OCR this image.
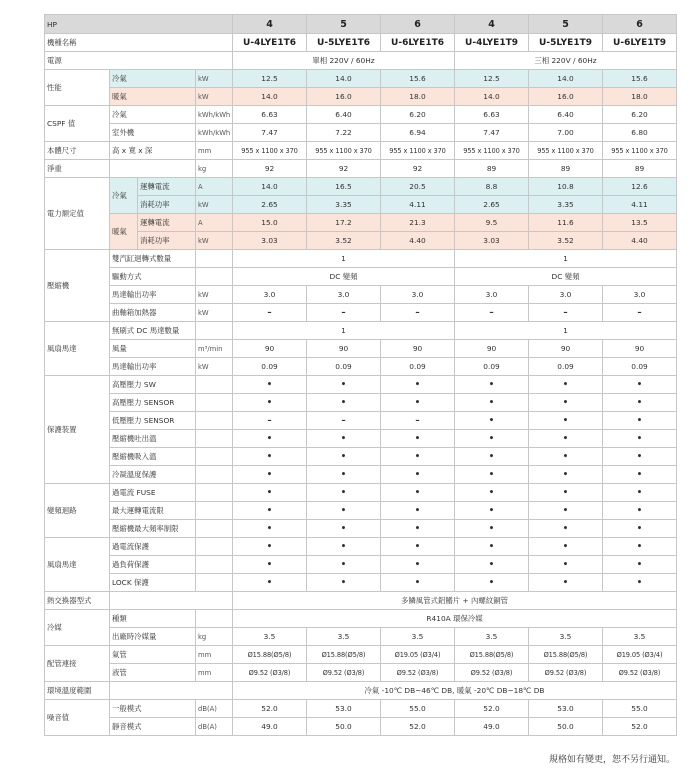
HP				4	5	6	4	5	6
機種名稱				U-4LYE1T6	U-5LYE1T6	U-6LYE1T6	U-4LYE1T9	U-5LYE1T9	U-6LYE1T9
電源				單相 220V / 60Hz			三相 220V / 60Hz		
性能	冷氣		kW	12.5	14.0	15.6	12.5	14.0	15.6
	暖氣		kW	14.0	16.0	18.0	14.0	16.0	18.0
CSPF 值	冷氣		kWh/kWh	6.63	6.40	6.20	6.63	6.40	6.20
	室外機		kWh/kWh	7.47	7.22	6.94	7.47	7.00	6.80
本體尺寸	高 x 寬 x 深		mm	955 x 1100 x 370	955 x 1100 x 370	955 x 1100 x 370	955 x 1100 x 370	955 x 1100 x 370	955 x 1100 x 370
淨重			kg	92	92	92	89	89	89
電力額定值	冷氣	運轉電流	A	14.0	16.5	20.5	8.8	10.8	12.6
		消耗功率	kW	2.65	3.35	4.11	2.65	3.35	4.11
	暖氣	運轉電流	A	15.0	17.2	21.3	9.5	11.6	13.5
		消耗功率	kW	3.03	3.52	4.40	3.03	3.52	4.40
壓縮機	雙汽缸迴轉式數量			1			1		
	驅動方式			DC 變頻			DC 變頻		
	馬達輸出功率		kW	3.0	3.0	3.0	3.0	3.0	3.0
	曲軸箱加熱器		kW	–	–	–	–	–	–
風扇馬達	無刷式 DC 馬達數量			1			1		
	風量		m³/min	90	90	90	90	90	90
	馬達輸出功率		kW	0.09	0.09	0.09	0.09	0.09	0.09
保護裝置	高壓壓力 SW			•	•	•	•	•	•
	高壓壓力 SENSOR			•	•	•	•	•	•
	低壓壓力 SENSOR			–	–	–	•	•	•
	壓縮機吐出溫			•	•	•	•	•	•
	壓縮機吸入溫			•	•	•	•	•	•
	冷凝溫度保護			•	•	•	•	•	•
變頻迴路	過電流 FUSE			•	•	•	•	•	•
	最大運轉電流限			•	•	•	•	•	•
	壓縮機最大頻率制限			•	•	•	•	•	•
風扇馬達	過電流保護			•	•	•	•	•	•
	過負荷保護			•	•	•	•	•	•
	LOCK 保護			•	•	•	•	•	•
熱交換器型式				多鱗風管式鋁鰭片 + 內螺紋銅管					
冷媒	種類			R410A 環保冷媒					
	出廠時冷媒量		kg	3.5	3.5	3.5	3.5	3.5	3.5
配管連接	氣管		mm	Ø15.88(Ø5/8)	Ø15.88(Ø5/8)	Ø19.05 (Ø3/4)	Ø15.88(Ø5/8)	Ø15.88(Ø5/8)	Ø19.05 (Ø3/4)
	液管		mm	Ø9.52 (Ø3/8)	Ø9.52 (Ø3/8)	Ø9.52 (Ø3/8)	Ø9.52 (Ø3/8)	Ø9.52 (Ø3/8)	Ø9.52 (Ø3/8)
環境溫度範圍				冷氣 -10℃ DB~46℃ DB, 暖氣 -20℃ DB~18℃ DB					
噪音值	一般模式		dB(A)	52.0	53.0	55.0	52.0	53.0	55.0
	靜音模式		dB(A)	49.0	50.0	52.0	49.0	50.0	52.0
規格如有變更，恕不另行通知。
